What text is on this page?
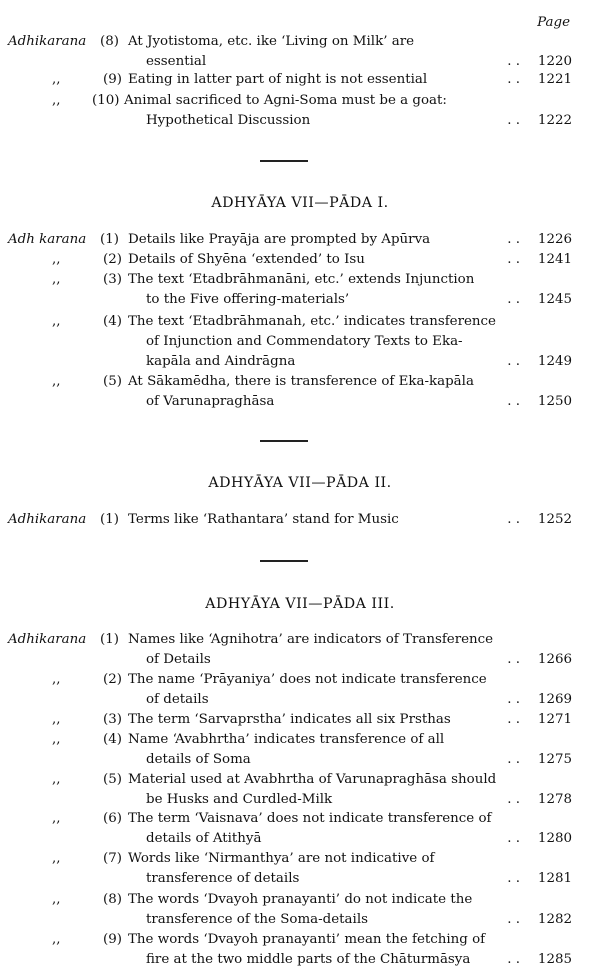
Page
Adhikarana (8) At Jyotistoma, etc. ike ‘Living on Milk’ are
essential	1220
. .
,,	(9) Eating in latter part of night is not essential	1221
. .
,, (10) Animal sacrificed to Agni-Soma must be a goat:
Hypothetical Discussion	1222
. .
ADHYĀYA VII—PĀDA I.
Adh karana (1) Details like Prayāja are prompted by Apūrva	1226
. .
,,	(2) Details of Shyēna ‘extended’ to Isu	1241
. .
,,	(3) The text ‘Etadbrāhmanāni, etc.’ extends Injunction
to the Five offering-materials’	1245
. .
,,	(4) The text ‘Etadbrāhmanah, etc.’ indicates transference
of Injunction and Commendatory Texts to Eka-
kapāla and Aindrāgna	1249
. .
,,	(5) At Sākamēdha, there is transference of Eka-kapāla
of Varunapraghāsa	1250
. .
ADHYĀYA VII—PĀDA II.
Adhikarana (1) Terms like ‘Rathantara’ stand for Music	1252
. .
ADHYĀYA VII—PĀDA III.
Adhikarana (1) Names like ‘Agnihotra’ are indicators of Transference
of Details	1266
. .
,,	(2) The name ‘Prāyaniya’ does not indicate transference
of details	1269
. .
,,	(3) The term ‘Sarvaprstha’ indicates all six Prsthas	1271
. .
,,	(4) Name ‘Avabhrtha’ indicates transference of all
details of Soma	1275
. .
,,	(5) Material used at Avabhrtha of Varunapraghāsa should
be Husks and Curdled-Milk	1278
. .
,,	(6) The term ‘Vaisnava’ does not indicate transference of
details of Atithyā	1280
. .
,,	(7) Words like ‘Nirmanthya’ are not indicative of
transference of details	1281
. .
,,	(8) The words ‘Dvayoh pranayanti’ do not indicate the
transference of the Soma-details	1282
. .
,,	(9) The words ‘Dvayoh pranayanti’ mean the fetching of
fire at the two middle parts of the Chāturmāsya	1285
. .
